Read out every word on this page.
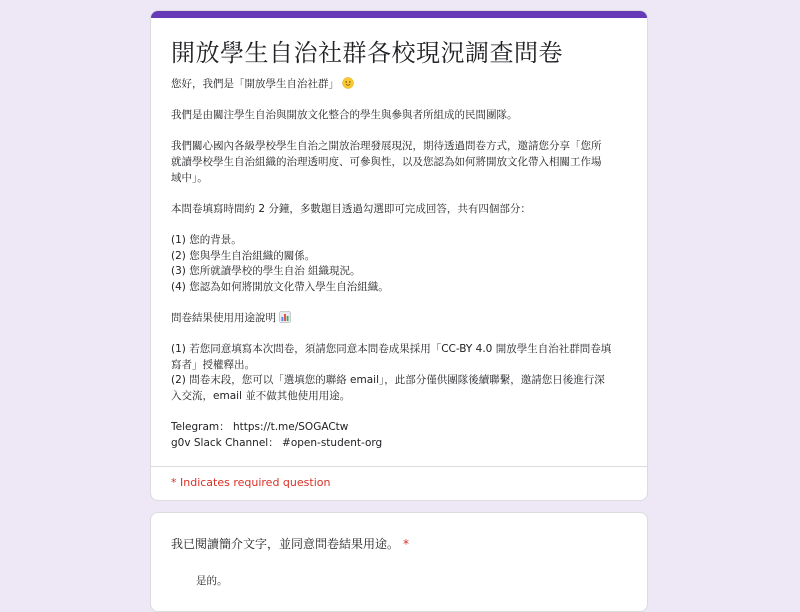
開放學生自治社群各校現況調查問卷

您好，我們是「開放學生自治社群」

我們是由關注學生自治與開放文化整合的學生與參與者所組成的民間團隊。

我們關心國內各級學校學生自治之開放治理發展現況，期待透過問卷方式，邀請您分享「您所
就讀學校學生自治組織的治理透明度、可參與性，以及您認為如何將開放文化帶入相關工作場
域中」。

本問卷填寫時間約 2 分鐘，多數題目透過勾選即可完成回答，共有四個部分：

(1) 您的背景。
(2) 您與學生自治組織的關係。
(3) 您所就讀學校的學生自治 組織現況。
(4) 您認為如何將開放文化帶入學生自治組織。

問卷結果使用用途說明

(1) 若您同意填寫本次問卷，須請您同意本問卷成果採用「CC-BY 4.0 開放學生自治社群問卷填
寫者」授權釋出。
(2) 問卷末段，您可以「選填您的聯絡 email」，此部分僅供團隊後續聯繫，邀請您日後進行深
入交流，email 並不做其他使用用途。

Telegram： https://t.me/SOGACtw
g0v Slack Channel： #open-student-org

* Indicates required question
我已閱讀簡介文字，並同意問卷結果用途。 *
是的。
